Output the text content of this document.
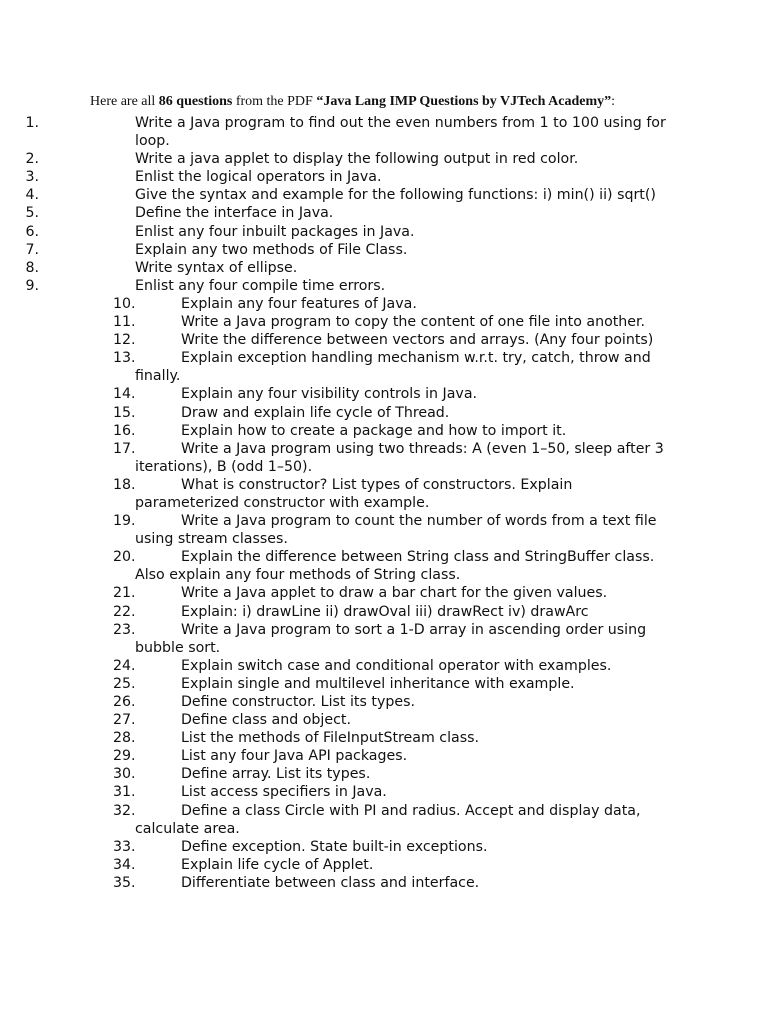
Here are all 86 questions from the PDF “Java Lang IMP Questions by VJTech Academy”:
1.	Write a Java program to find out the even numbers from 1 to 100 using for loop.
2.	Write a java applet to display the following output in red color.
3.	Enlist the logical operators in Java.
4.	Give the syntax and example for the following functions: i) min() ii) sqrt()
5.	Define the interface in Java.
6.	Enlist any four inbuilt packages in Java.
7.	Explain any two methods of File Class.
8.	Write syntax of ellipse.
9.	Enlist any four compile time errors.
10.	Explain any four features of Java.
11.	Write a Java program to copy the content of one file into another.
12.	Write the difference between vectors and arrays. (Any four points)
13.	Explain exception handling mechanism w.r.t. try, catch, throw and finally.
14.	Explain any four visibility controls in Java.
15.	Draw and explain life cycle of Thread.
16.	Explain how to create a package and how to import it.
17.	Write a Java program using two threads: A (even 1–50, sleep after 3 iterations), B (odd 1–50).
18.	What is constructor? List types of constructors. Explain parameterized constructor with example.
19.	Write a Java program to count the number of words from a text file using stream classes.
20.	Explain the difference between String class and StringBuffer class. Also explain any four methods of String class.
21.	Write a Java applet to draw a bar chart for the given values.
22.	Explain: i) drawLine ii) drawOval iii) drawRect iv) drawArc
23.	Write a Java program to sort a 1-D array in ascending order using bubble sort.
24.	Explain switch case and conditional operator with examples.
25.	Explain single and multilevel inheritance with example.
26.	Define constructor. List its types.
27.	Define class and object.
28.	List the methods of FileInputStream class.
29.	List any four Java API packages.
30.	Define array. List its types.
31.	List access specifiers in Java.
32.	Define a class Circle with PI and radius. Accept and display data, calculate area.
33.	Define exception. State built-in exceptions.
34.	Explain life cycle of Applet.
35.	Differentiate between class and interface.
